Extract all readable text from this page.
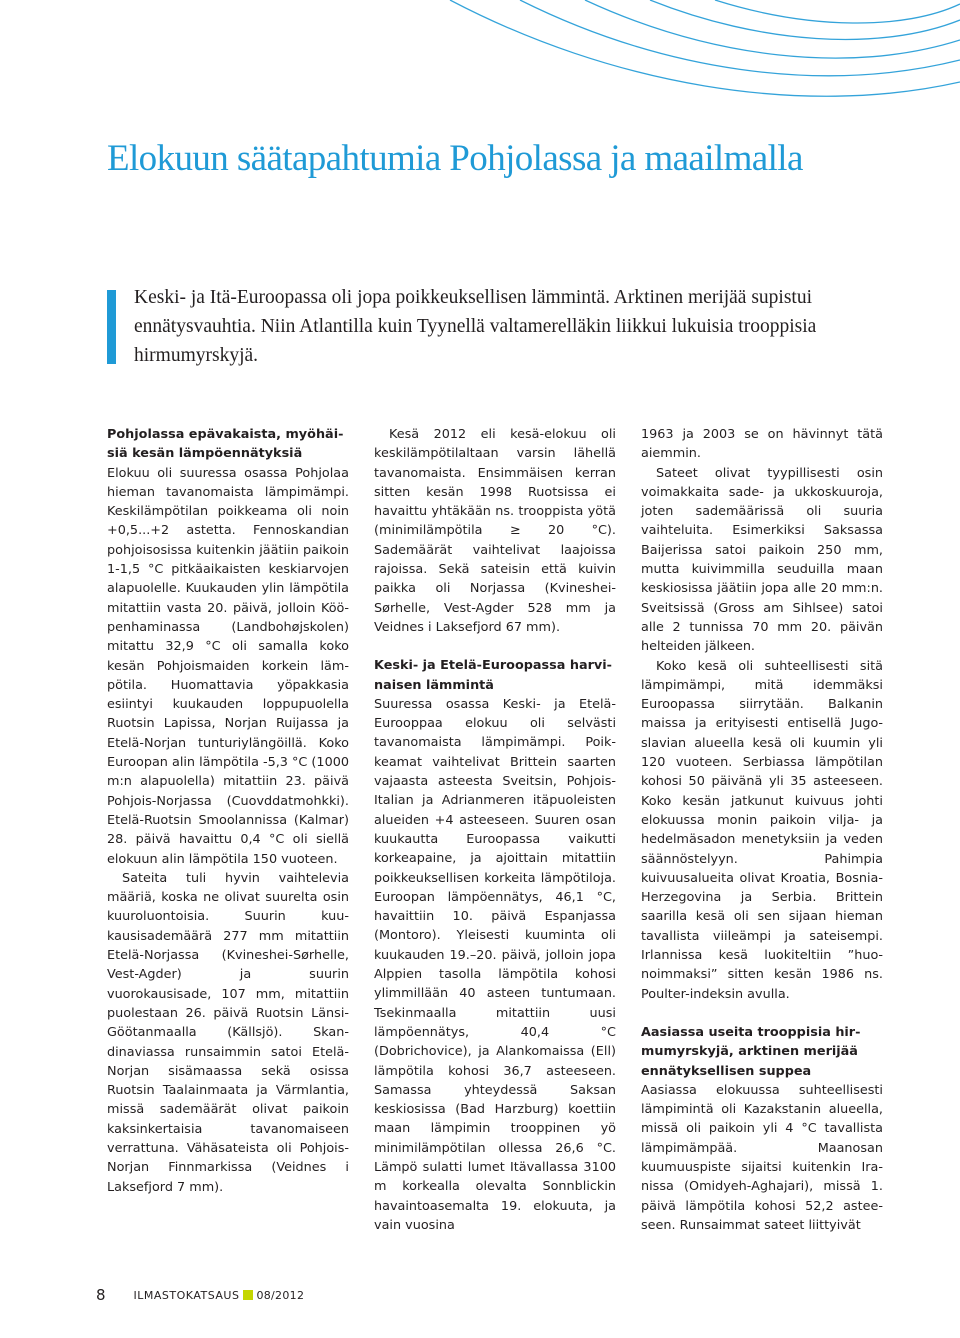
Elokuun säätapahtumia Pohjolassa ja maailmalla

Keski- ja Itä-Euroopassa oli jopa poikkeuksellisen lämmintä. Arktinen merijää supistui ennätysvauhtia. Niin Atlantilla kuin Tyynellä valtamerelläkin liikkui lukuisia trooppisia hirmumyrskyjä.

Pohjolassa epävakaista, myöhäisiä kesän lämpöennätyksiä

Elokuu oli suuressa osassa Pohjolaa hieman tavanomaista lämpimämpi. Keskilämpötilan poikkeama oli noin +0,5...+2 astetta. Fennoskandian pohjoisosissa kuitenkin jäätiin paikoin 1-1,5 °C pitkäaikaisten keskiarvojen alapuolelle. Kuukauden ylin lämpötila mitattiin vasta 20. päivä, jolloin Kööpenhaminassa (Landbohøjskolen) mitattu 32,9 °C oli samalla koko kesän Pohjoismaiden korkein lämpötila. Huomattavia yöpakkasia esiintyi kuukauden loppupuolella Ruotsin Lapissa, Norjan Ruijassa ja Etelä-Norjan tunturiylängöillä. Koko Euroopan alin lämpötila -5,3 °C (1000 m:n alapuolella) mitattiin 23. päivä Pohjois-Norjassa (Cuovddatmohkki). Etelä-Ruotsin Smoolannissa (Kalmar) 28. päivä havaittu 0,4 °C oli siellä elokuun alin lämpötila 150 vuoteen.

Sateita tuli hyvin vaihtelevia määriä, koska ne olivat suurelta osin kuuroluontoisia. Suurin kuukausisademäärä 277 mm mitattiin Etelä-Norjassa (Kvineshei-Sørhelle, Vest-Agder) ja suurin vuorokausisade, 107 mm, mitattiin puolestaan 26. päivä Ruotsin Länsi-Göötanmaalla (Källsjö). Skandinaviassa runsaimmin satoi Etelä-Norjan sisämaassa sekä osissa Ruotsin Taalainmaata ja Värmlantia, missä sademäärät olivat paikoin kaksinkertaisia tavanomaiseen verrattuna. Vähäsateista oli Pohjois-Norjan Finnmarkissa (Veidnes i Laksefjord 7 mm).

Kesä 2012 eli kesä-elokuu oli keskilämpötilaltaan varsin lähellä tavanomaista. Ensimmäisen kerran sitten kesän 1998 Ruotsissa ei havaittu yhtäkään ns. trooppista yötä (minimilämpötila ≥ 20 °C). Sademäärät vaihtelivat laajoissa rajoissa. Sekä sateisin että kuivin paikka oli Norjassa (Kvineshei-Sørhelle, Vest-Agder 528 mm ja Veidnes i Laksefjord 67 mm).

Keski- ja Etelä-Euroopassa harvinaisen lämmintä

Suuressa osassa Keski- ja Etelä-Eurooppaa elokuu oli selvästi tavanomaista lämpimämpi. Poikkeamat vaihtelivat Brittein saarten vajaasta asteesta Sveitsin, Pohjois-Italian ja Adrianmeren itäpuoleisten alueiden +4 asteeseen. Suuren osan kuukautta Euroopassa vaikutti korkeapaine, ja ajoittain mitattiin poikkeuksellisen korkeita lämpötiloja. Euroopan lämpöennätys, 46,1 °C, havaittiin 10. päivä Espanjassa (Montoro). Yleisesti kuuminta oli kuukauden 19.–20. päivä, jolloin jopa Alppien tasolla lämpötila kohosi ylimmillään 40 asteen tuntumaan. Tsekinmaalla mitattiin uusi lämpöennätys, 40,4 °C (Dobrichovice), ja Alankomaissa (Ell) lämpötila kohosi 36,7 asteeseen. Samassa yhteydessä Saksan keskiosissa (Bad Harzburg) koettiin maan lämpimin trooppinen yö minimilämpötilan ollessa 26,6 °C. Lämpö sulatti lumet Itävallassa 3100 m korkealla olevalta Sonnblickin havaintoasemalta 19. elokuuta, ja vain vuosina

1963 ja 2003 se on hävinnyt tätä aiemmin.

Sateet olivat tyypillisesti osin voimakkaita sade- ja ukkoskuuroja, joten sademäärissä oli suuria vaihteluita. Esimerkiksi Saksassa Baijerissa satoi paikoin 250 mm, mutta kuivimmilla seuduilla maan keskiosissa jäätiin jopa alle 20 mm:n. Sveitsissä (Gross am Sihlsee) satoi alle 2 tunnissa 70 mm 20. päivän helteiden jälkeen.

Koko kesä oli suhteellisesti sitä lämpimämpi, mitä idemmäksi Euroopassa siirrytään. Balkanin maissa ja erityisesti entisellä Jugoslavian alueella kesä oli kuumin yli 120 vuoteen. Serbiassa lämpötilan kohosi 50 päivänä yli 35 asteeseen. Koko kesän jatkunut kuivuus johti elokuussa monin paikoin vilja- ja hedelmäsadon menetyksiin ja veden säännöstelyyn. Pahimpia kuivuusalueita olivat Kroatia, Bosnia-Herzegovina ja Serbia. Brittein saarilla kesä oli sen sijaan hieman tavallista viileämpi ja sateisempi. Irlannissa kesä luokiteltiin ”huonoimmaksi” sitten kesän 1986 ns. Poulter-indeksin avulla.

Aasiassa useita trooppisia hirmumyrskyjä, arktinen merijää ennätyksellisen suppea

Aasiassa elokuussa suhteellisesti lämpimintä oli Kazakstanin alueella, missä oli paikoin yli 4 °C tavallista lämpimämpää. Maanosan kuumuuspiste sijaitsi kuitenkin Iranissa (Omidyeh-Aghajari), missä 1. päivä lämpötila kohosi 52,2 asteeseen. Runsaimmat sateet liittyivät

8	ILMASTOKATSAUS 08/2012
